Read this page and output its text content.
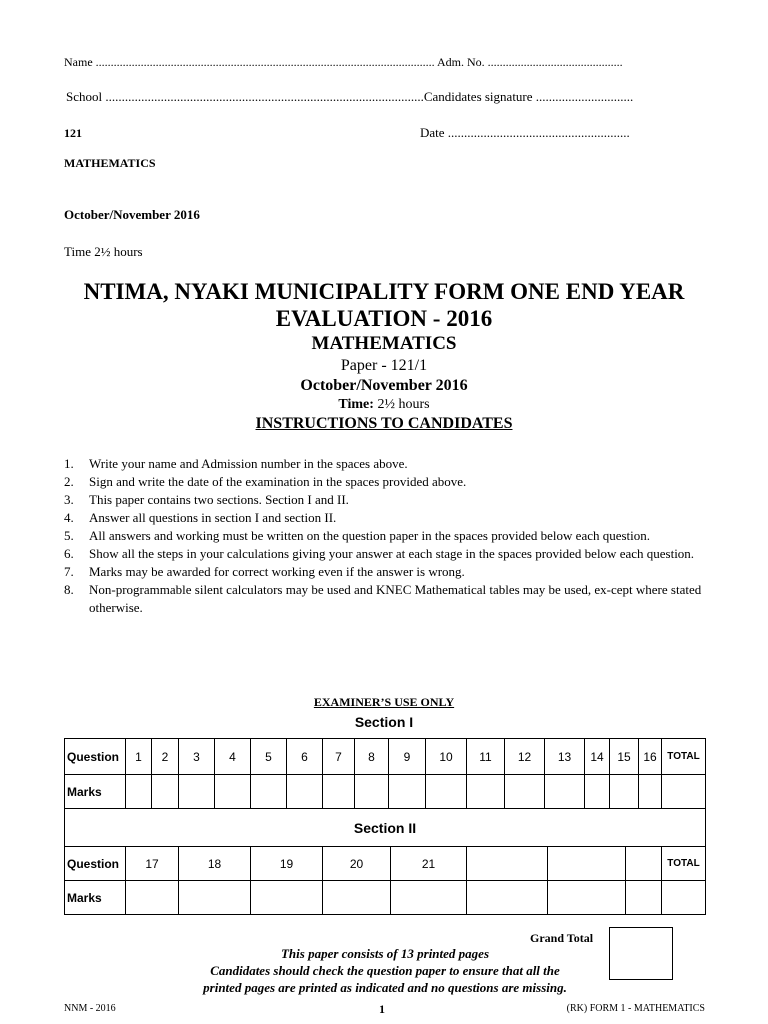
Name ................................................................................................................. Adm. No. .............................................
School ..................................................................................................Candidates signature ..............................
121	Date ........................................................
MATHEMATICS
October/November 2016
Time 2½ hours
NTIMA, NYAKI MUNICIPALITY FORM ONE END YEAR
EVALUATION - 2016
MATHEMATICS
Paper - 121/1
October/November 2016
Time: 2½ hours
INSTRUCTIONS TO CANDIDATES
1. Write your name and Admission number in the spaces above.
2. Sign and write the date of the examination in the spaces provided above.
3. This paper contains two sections. Section I and II.
4. Answer all questions in section I and section II.
5. All answers and working must be written on the question paper in the spaces provided below each question.
6. Show all the steps in your calculations giving your answer at each stage in the spaces provided below each question.
7. Marks may be awarded for correct working even if the answer is wrong.
8. Non-programmable silent calculators may be used and KNEC Mathematical tables may be used, ex-cept where stated otherwise.
EXAMINER’S USE ONLY
Section I
Question	1	2	3	4	5	6	7	8	9	10	11	12	13	14	15	16	TOTAL
Marks																	
Section II																	
Question	17	18	19	20	21				TOTAL
Marks									
Grand Total
This paper consists of 13 printed pages
Candidates should check the question paper to ensure that all the
printed pages are printed as indicated and no questions are missing.
NNM - 2016	1	(RK) FORM 1 - MATHEMATICS
